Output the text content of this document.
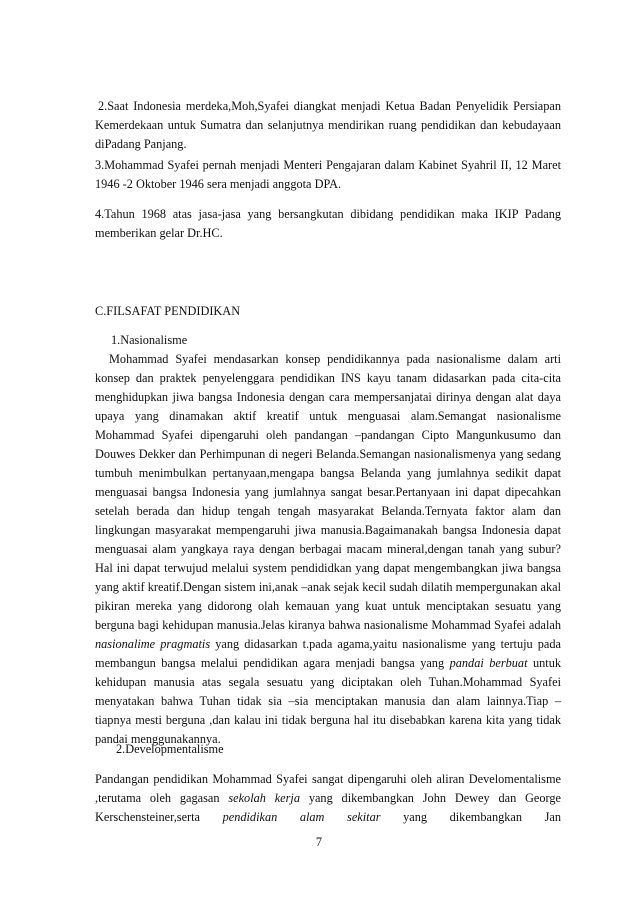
2.Saat Indonesia merdeka,Moh,Syafei diangkat menjadi Ketua Badan Penyelidik Persiapan Kemerdekaan untuk Sumatra dan selanjutnya mendirikan ruang pendidikan dan kebudayaan diPadang Panjang.

3.Mohammad Syafei pernah menjadi Menteri Pengajaran dalam Kabinet Syahril II, 12 Maret 1946 -2 Oktober 1946 sera menjadi anggota DPA.

4.Tahun 1968 atas jasa-jasa yang bersangkutan dibidang pendidikan maka IKIP Padang memberikan gelar Dr.HC.

C.FILSAFAT PENDIDIKAN

1.Nasionalisme

Mohammad Syafei mendasarkan konsep pendidikannya pada nasionalisme dalam arti konsep dan praktek penyelenggara pendidikan INS kayu tanam didasarkan pada cita-cita menghidupkan jiwa bangsa Indonesia dengan cara mempersanjatai dirinya dengan alat daya upaya yang dinamakan aktif kreatif untuk menguasai alam.Semangat nasionalisme Mohammad Syafei dipengaruhi oleh pandangan –pandangan Cipto Mangunkusumo dan Douwes Dekker dan Perhimpunan di negeri Belanda.Semangan nasionalismenya yang sedang tumbuh menimbulkan pertanyaan,mengapa bangsa Belanda yang jumlahnya sedikit dapat menguasai bangsa Indonesia yang jumlahnya sangat besar.Pertanyaan ini dapat dipecahkan setelah berada dan hidup tengah tengah masyarakat Belanda.Ternyata faktor alam dan lingkungan masyarakat mempengaruhi jiwa manusia.Bagaimanakah bangsa Indonesia dapat menguasai alam yangkaya raya dengan berbagai macam mineral,dengan tanah yang subur?Hal ini dapat terwujud melalui system pendididkan yang dapat mengembangkan jiwa bangsa yang aktif kreatif.Dengan sistem ini,anak –anak sejak kecil sudah dilatih mempergunakan akal pikiran mereka yang didorong olah kemauan yang kuat untuk menciptakan sesuatu yang berguna bagi kehidupan manusia.Jelas kiranya bahwa nasionalisme Mohammad Syafei adalah nasionalime pragmatis yang didasarkan t.pada agama,yaitu nasionalisme yang tertuju pada membangun bangsa melalui pendidikan agara menjadi bangsa yang pandai berbuat untuk kehidupan manusia atas segala sesuatu yang diciptakan oleh Tuhan.Mohammad Syafei menyatakan bahwa Tuhan tidak sia –sia menciptakan manusia dan alam lainnya.Tiap – tiapnya mesti berguna ,dan kalau ini tidak berguna hal itu disebabkan karena kita yang tidak pandai menggunakannya.

2.Developmentalisme

Pandangan pendidikan Mohammad Syafei sangat dipengaruhi oleh aliran Develomentalisme ,terutama oleh gagasan sekolah kerja yang dikembangkan John Dewey dan George Kerschensteiner,serta pendidikan alam sekitar yang dikembangkan Jan

7
